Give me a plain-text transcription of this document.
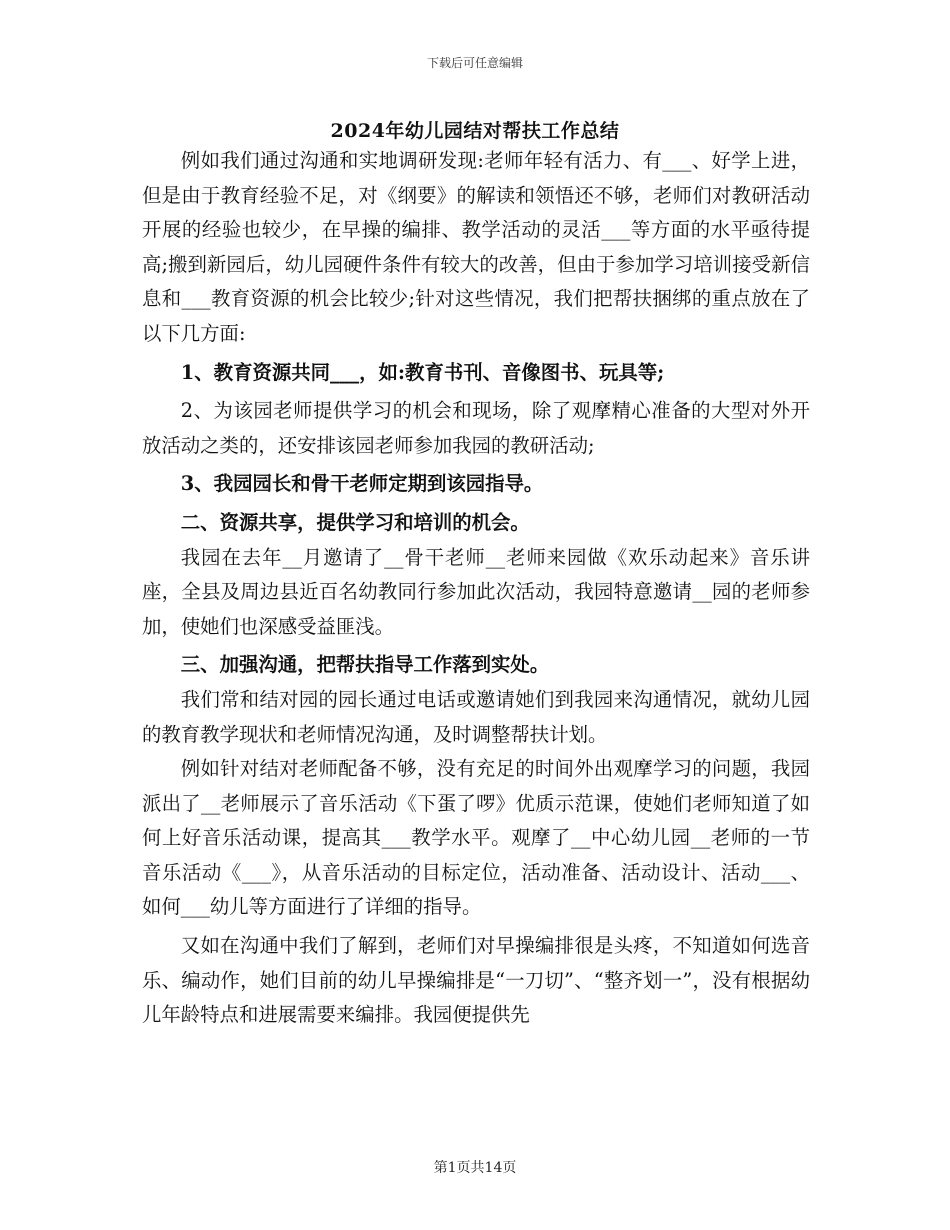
下载后可任意编辑
2024年幼儿园结对帮扶工作总结

例如我们通过沟通和实地调研发现:老师年轻有活力、有___、好学上进，但是由于教育经验不足，对《纲要》的解读和领悟还不够，老师们对教研活动开展的经验也较少，在早操的编排、教学活动的灵活___等方面的水平亟待提高;搬到新园后，幼儿园硬件条件有较大的改善，但由于参加学习培训接受新信息和___教育资源的机会比较少;针对这些情况，我们把帮扶捆绑的重点放在了以下几方面:

1、教育资源共同___，如:教育书刊、音像图书、玩具等;

2、为该园老师提供学习的机会和现场，除了观摩精心准备的大型对外开放活动之类的，还安排该园老师参加我园的教研活动;

3、我园园长和骨干老师定期到该园指导。

二、资源共享，提供学习和培训的机会。

我园在去年__月邀请了__骨干老师__老师来园做《欢乐动起来》音乐讲座，全县及周边县近百名幼教同行参加此次活动，我园特意邀请__园的老师参加，使她们也深感受益匪浅。

三、加强沟通，把帮扶指导工作落到实处。

我们常和结对园的园长通过电话或邀请她们到我园来沟通情况，就幼儿园的教育教学现状和老师情况沟通，及时调整帮扶计划。

例如针对结对老师配备不够，没有充足的时间外出观摩学习的问题，我园派出了__老师展示了音乐活动《下蛋了啰》优质示范课，使她们老师知道了如何上好音乐活动课，提高其___教学水平。观摩了__中心幼儿园__老师的一节音乐活动《___》，从音乐活动的目标定位，活动准备、活动设计、活动___、如何___幼儿等方面进行了详细的指导。

又如在沟通中我们了解到，老师们对早操编排很是头疼，不知道如何选音乐、编动作，她们目前的幼儿早操编排是“一刀切”、“整齐划一”，没有根据幼儿年龄特点和进展需要来编排。我园便提供先

第1页共14页
